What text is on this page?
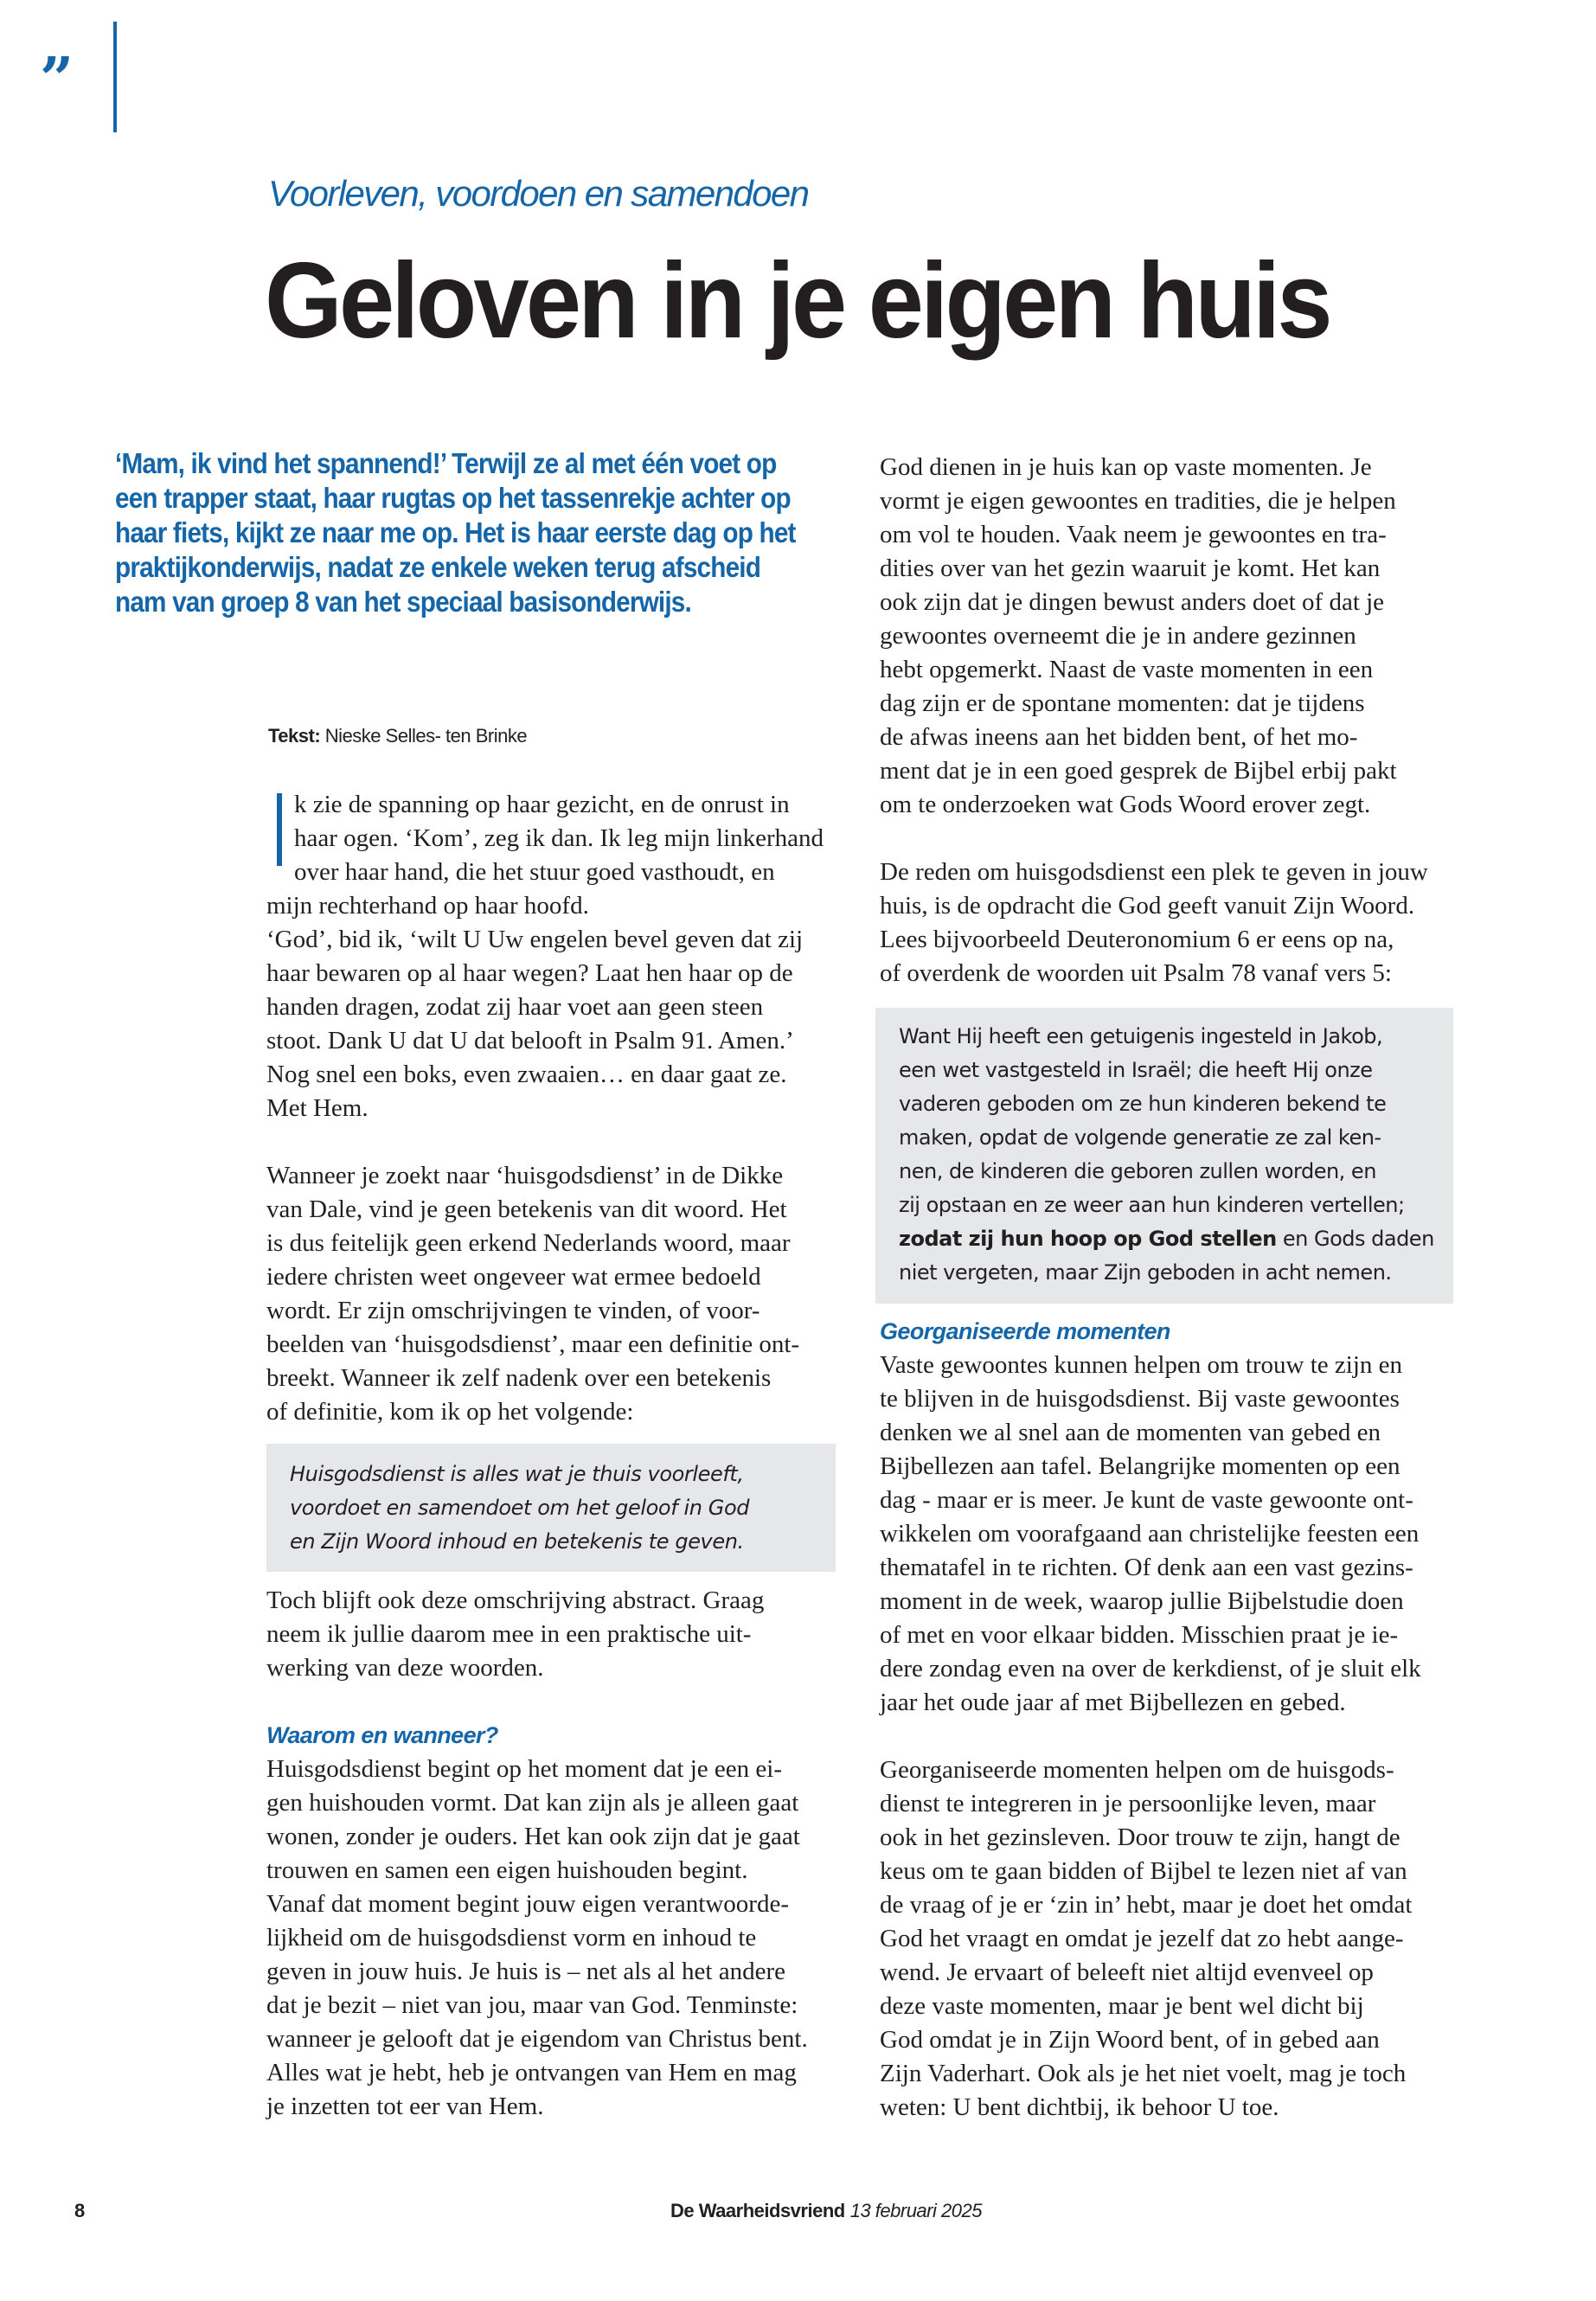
”
Voorleven, voordoen en samendoen
Geloven in je eigen huis
‘Mam, ik vind het spannend!’ Terwijl ze al met één voet op
een trapper staat, haar rugtas op het tassenrekje achter op
haar fiets, kijkt ze naar me op. Het is haar eerste dag op het
praktijkonderwijs, nadat ze enkele weken terug afscheid
nam van groep 8 van het speciaal basisonderwijs.
Tekst: Nieske Selles- ten Brinke
k zie de spanning op haar gezicht, en de onrust in
haar ogen. ‘Kom’, zeg ik dan. Ik leg mijn linkerhand
over haar hand, die het stuur goed vasthoudt, en
mijn rechterhand op haar hoofd.
‘God’, bid ik, ‘wilt U Uw engelen bevel geven dat zij
haar bewaren op al haar wegen? Laat hen haar op de
handen dragen, zodat zij haar voet aan geen steen
stoot. Dank U dat U dat belooft in Psalm 91. Amen.’
Nog snel een boks, even zwaaien… en daar gaat ze.
Met Hem.
Wanneer je zoekt naar ‘huisgodsdienst’ in de Dikke
van Dale, vind je geen betekenis van dit woord. Het
is dus feitelijk geen erkend Nederlands woord, maar
iedere christen weet ongeveer wat ermee bedoeld
wordt. Er zijn omschrijvingen te vinden, of voor-
beelden van ‘huisgodsdienst’, maar een definitie ont-
breekt. Wanneer ik zelf nadenk over een betekenis
of definitie, kom ik op het volgende:
Huisgodsdienst is alles wat je thuis voorleeft,
voordoet en samendoet om het geloof in God
en Zijn Woord inhoud en betekenis te geven.
Toch blijft ook deze omschrijving abstract. Graag
neem ik jullie daarom mee in een praktische uit-
werking van deze woorden.
Waarom en wanneer?
Huisgodsdienst begint op het moment dat je een ei-
gen huishouden vormt. Dat kan zijn als je alleen gaat
wonen, zonder je ouders. Het kan ook zijn dat je gaat
trouwen en samen een eigen huishouden begint.
Vanaf dat moment begint jouw eigen verantwoorde-
lijkheid om de huisgodsdienst vorm en inhoud te
geven in jouw huis. Je huis is – net als al het andere
dat je bezit – niet van jou, maar van God. Tenminste:
wanneer je gelooft dat je eigendom van Christus bent.
Alles wat je hebt, heb je ontvangen van Hem en mag
je inzetten tot eer van Hem.
God dienen in je huis kan op vaste momenten. Je
vormt je eigen gewoontes en tradities, die je helpen
om vol te houden. Vaak neem je gewoontes en tra-
dities over van het gezin waaruit je komt. Het kan
ook zijn dat je dingen bewust anders doet of dat je
gewoontes overneemt die je in andere gezinnen
hebt opgemerkt. Naast de vaste momenten in een
dag zijn er de spontane momenten: dat je tijdens
de afwas ineens aan het bidden bent, of het mo-
ment dat je in een goed gesprek de Bijbel erbij pakt
om te onderzoeken wat Gods Woord erover zegt.
De reden om huisgodsdienst een plek te geven in jouw
huis, is de opdracht die God geeft vanuit Zijn Woord.
Lees bijvoorbeeld Deuteronomium 6 er eens op na,
of overdenk de woorden uit Psalm 78 vanaf vers 5:
Want Hij heeft een getuigenis ingesteld in Jakob,
een wet vastgesteld in Israël; die heeft Hij onze
vaderen geboden om ze hun kinderen bekend te
maken, opdat de volgende generatie ze zal ken-
nen, de kinderen die geboren zullen worden, en
zij opstaan en ze weer aan hun kinderen vertellen;
zodat zij hun hoop op God stellen en Gods daden
niet vergeten, maar Zijn geboden in acht nemen.
Georganiseerde momenten
Vaste gewoontes kunnen helpen om trouw te zijn en
te blijven in de huisgodsdienst. Bij vaste gewoontes
denken we al snel aan de momenten van gebed en
Bijbellezen aan tafel. Belangrijke momenten op een
dag - maar er is meer. Je kunt de vaste gewoonte ont-
wikkelen om voorafgaand aan christelijke feesten een
thematafel in te richten. Of denk aan een vast gezins-
moment in de week, waarop jullie Bijbelstudie doen
of met en voor elkaar bidden. Misschien praat je ie-
dere zondag even na over de kerkdienst, of je sluit elk
jaar het oude jaar af met Bijbellezen en gebed.
Georganiseerde momenten helpen om de huisgods-
dienst te integreren in je persoonlijke leven, maar
ook in het gezinsleven. Door trouw te zijn, hangt de
keus om te gaan bidden of Bijbel te lezen niet af van
de vraag of je er ‘zin in’ hebt, maar je doet het omdat
God het vraagt en omdat je jezelf dat zo hebt aange-
wend. Je ervaart of beleeft niet altijd evenveel op
deze vaste momenten, maar je bent wel dicht bij
God omdat je in Zijn Woord bent, of in gebed aan
Zijn Vaderhart. Ook als je het niet voelt, mag je toch
weten: U bent dichtbij, ik behoor U toe.
8	De Waarheidsvriend 13 februari 2025
